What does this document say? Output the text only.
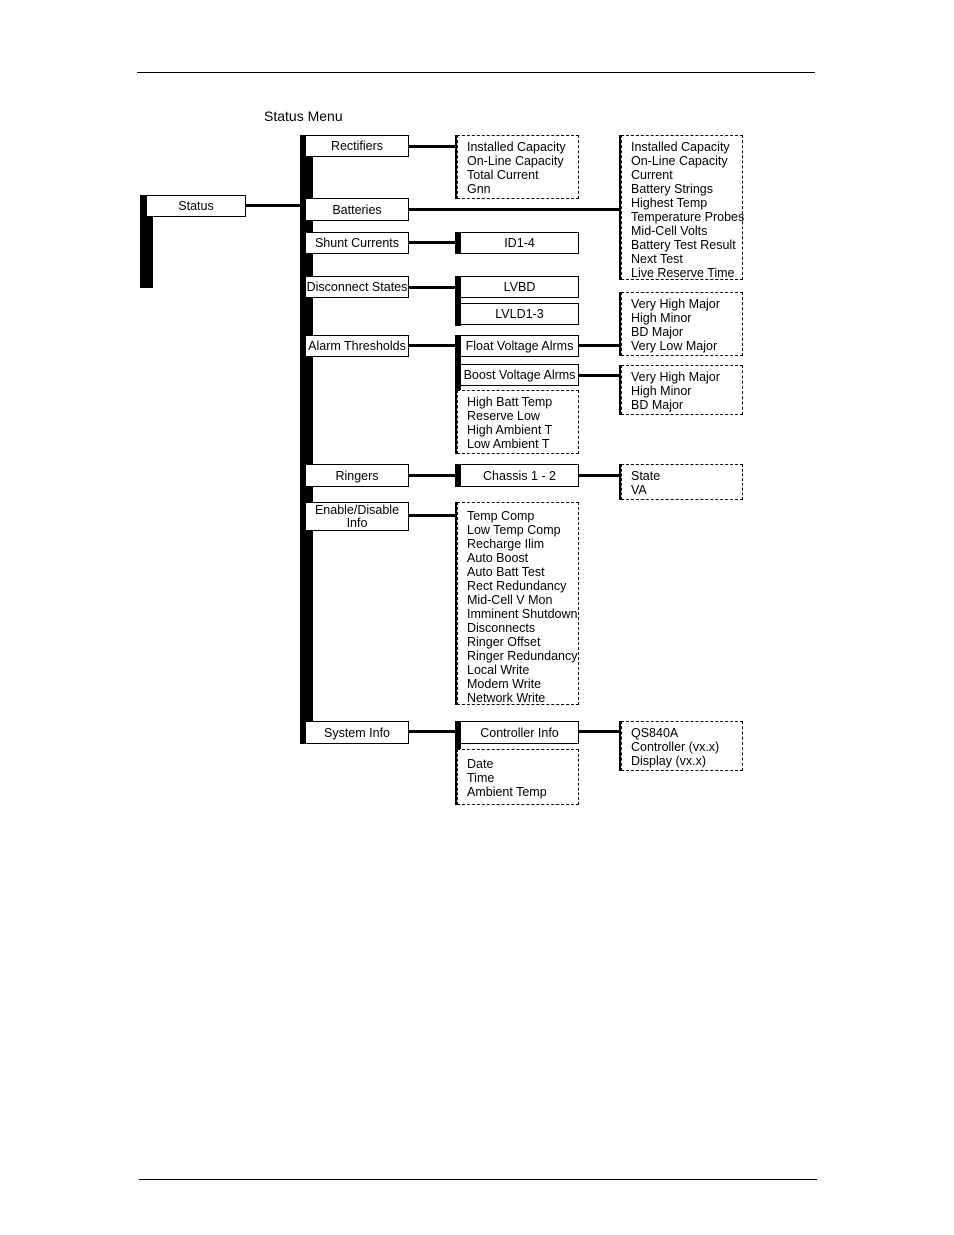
Status Menu
Status
Rectifiers
Batteries
Shunt Currents
Disconnect States
Alarm Thresholds
Ringers
Enable/Disable
Info
System Info
Installed Capacity
On-Line Capacity
Total Current
Gnn
Installed Capacity
On-Line Capacity
Current
Battery Strings
Highest Temp
Temperature Probes
Mid-Cell Volts
Battery Test Result
Next Test
Live Reserve Time
ID1-4
LVBD
LVLD1-3
Float Voltage Alrms
Boost Voltage Alrms
High Batt Temp
Reserve Low
High Ambient T
Low Ambient T
Very High Major
High Minor
BD Major
Very Low Major
Very High Major
High Minor
BD Major
Chassis 1 - 2	State
VA
Temp Comp
Low Temp Comp
Recharge Ilim
Auto Boost
Auto Batt Test
Rect Redundancy
Mid-Cell V Mon
Imminent Shutdown
Disconnects
Ringer Offset
Ringer Redundancy
Local Write
Modem Write
Network Write
Controller Info
Date
Time
Ambient Temp
QS840A
Controller (vx.x)
Display (vx.x)
